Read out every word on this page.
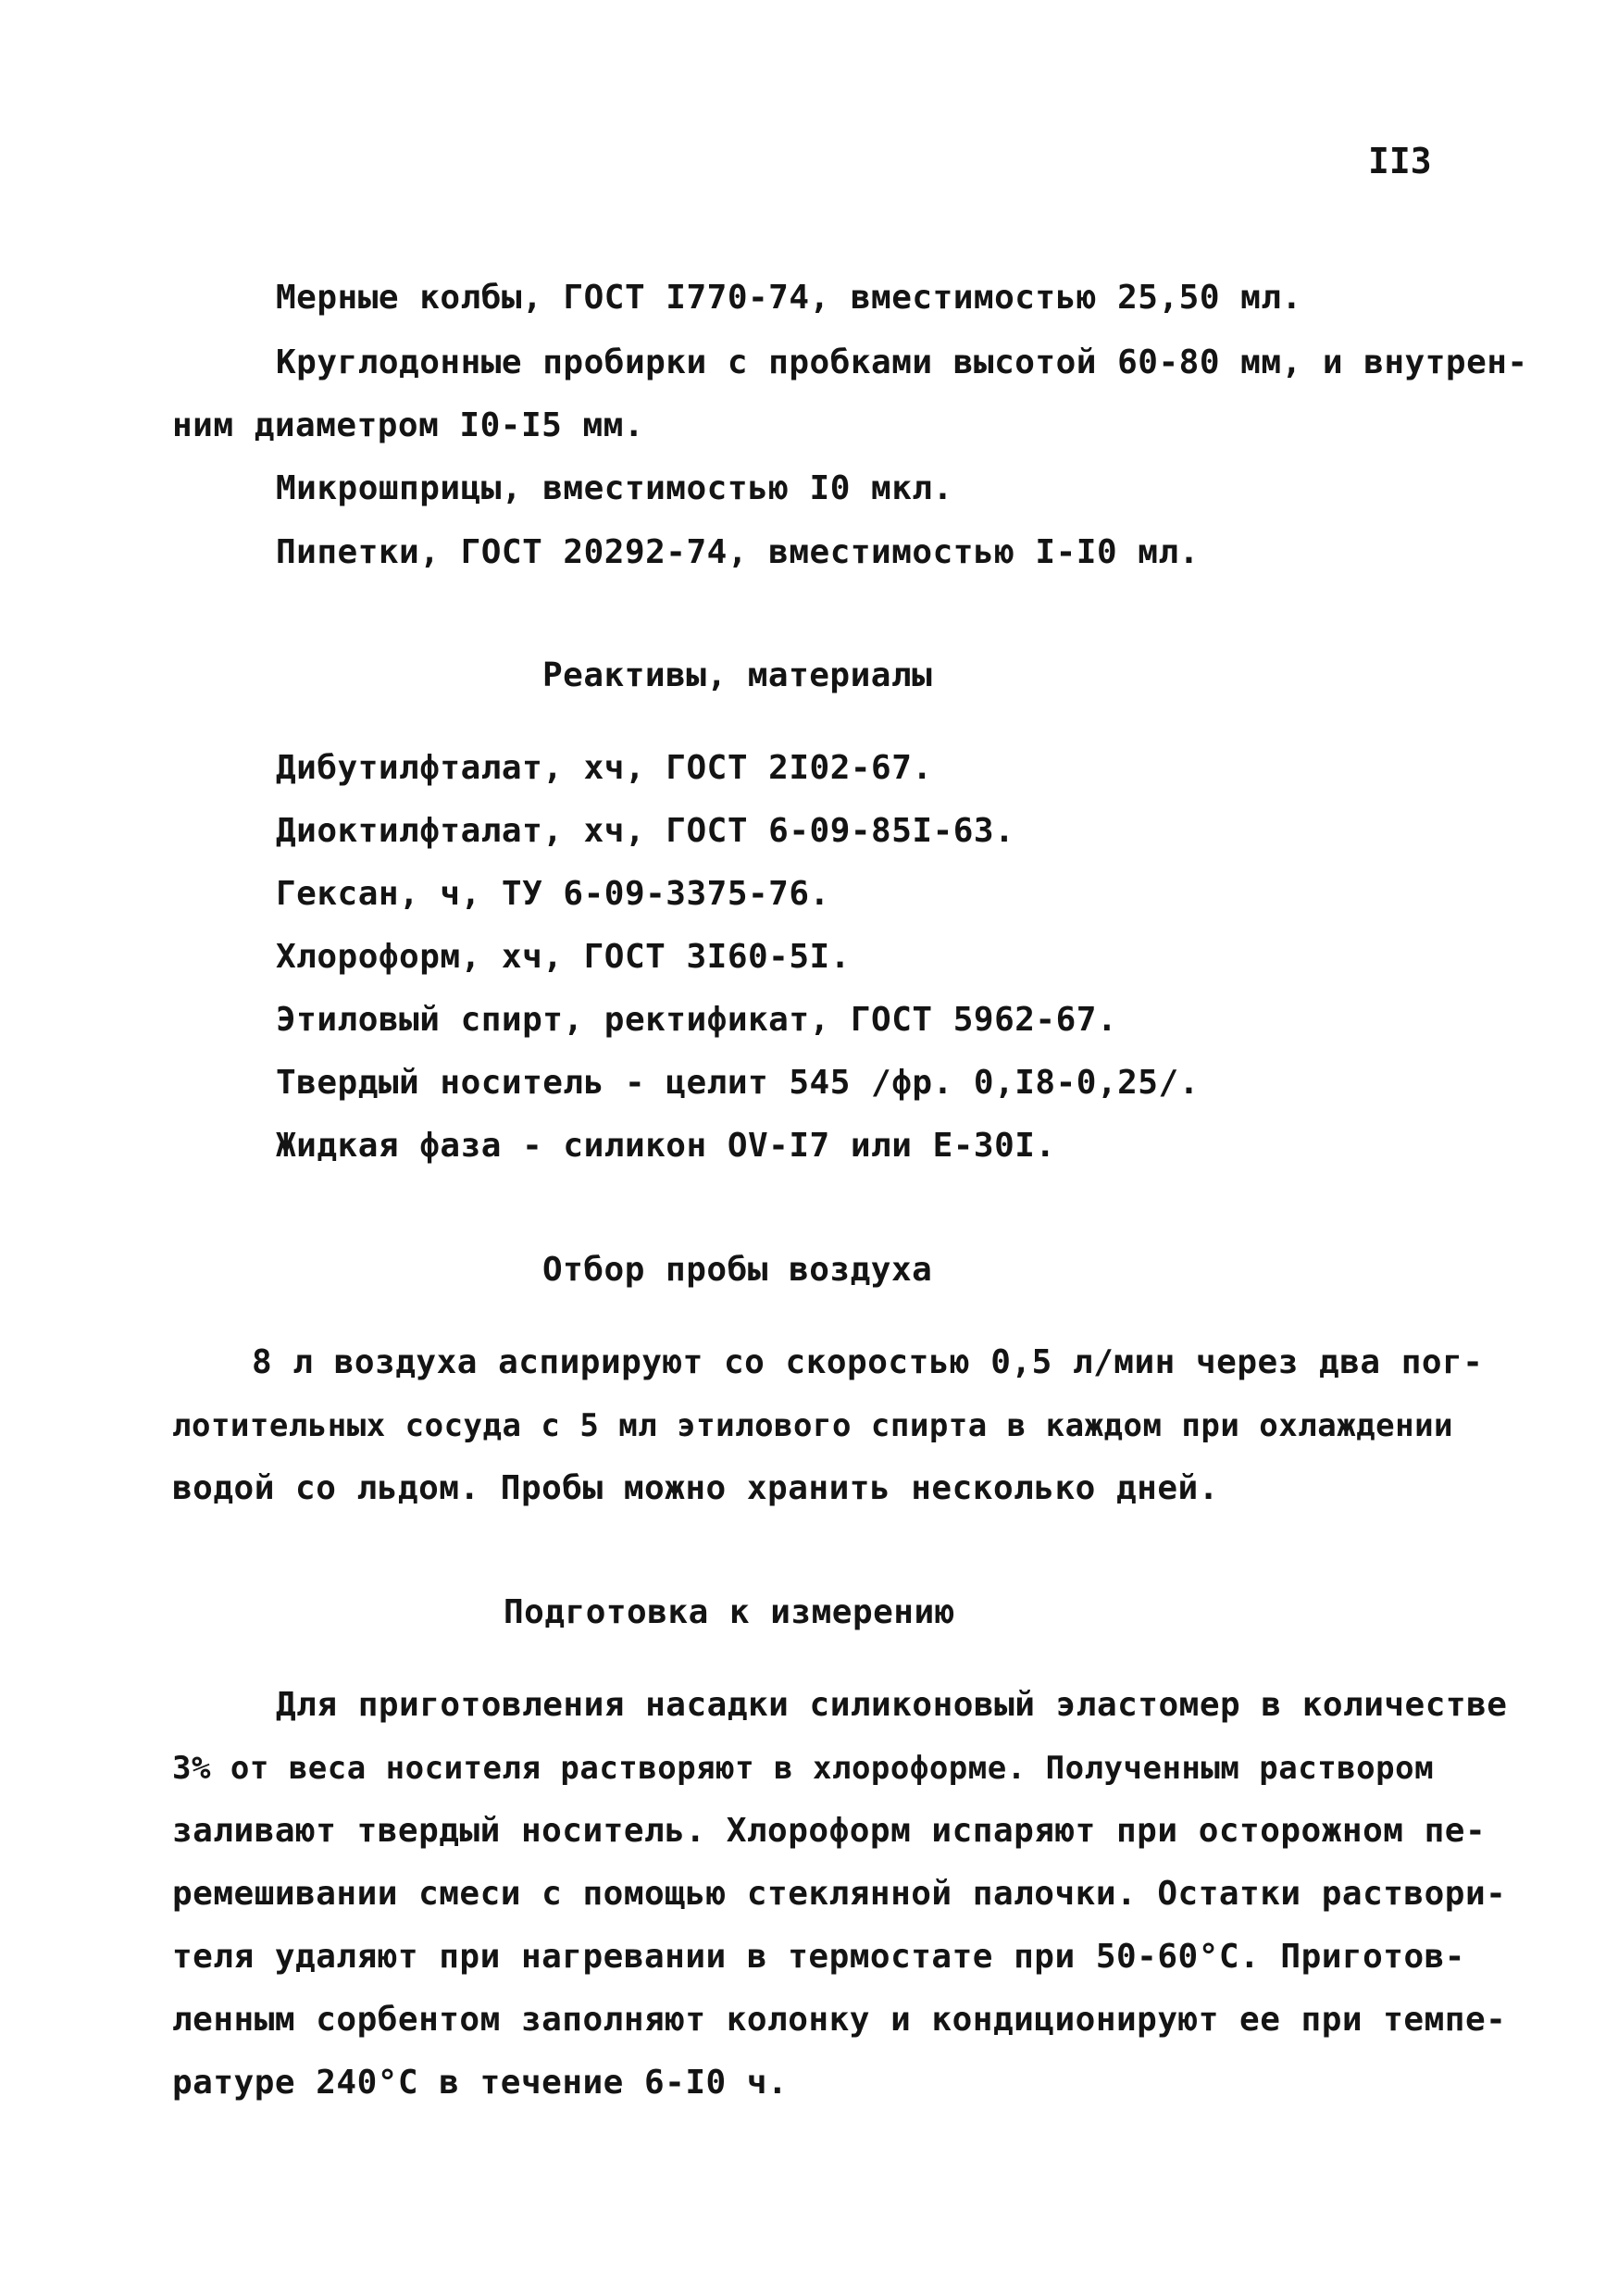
II3
Мерные колбы, ГОСТ I770-74, вместимостью 25,50 мл.
Круглодонные пробирки с пробками высотой 60-80 мм, и внутрен-
ним диаметром I0-I5 мм.
Микрошприцы, вместимостью I0 мкл.
Пипетки, ГОСТ 20292-74, вместимостью I-I0 мл.
Реактивы, материалы
Дибутилфталат, хч, ГОСТ 2I02-67.
Диоктилфталат, хч, ГОСТ 6-09-85I-63.
Гексан, ч, ТУ 6-09-3375-76.
Хлороформ, хч, ГОСТ 3I60-5I.
Этиловый спирт, ректификат, ГОСТ 5962-67.
Твердый носитель - целит 545 /фр. 0,I8-0,25/.
Жидкая фаза - силикон OV-I7 или E-30I.
Отбор пробы воздуха
8 л воздуха аспирируют со скоростью 0,5 л/мин через два пог-
лотительных сосуда с 5 мл этилового спирта в каждом при охлаждении
водой со льдом. Пробы можно хранить несколько дней.
Подготовка к измерению
Для приготовления насадки силиконовый эластомер в количестве
3% от веса носителя растворяют в хлороформе. Полученным раствором
заливают твердый носитель. Хлороформ испаряют при осторожном пе-
ремешивании смеси с помощью стеклянной палочки. Остатки раствори-
теля удаляют при нагревании в термостате при 50-60°С. Приготов-
ленным сорбентом заполняют колонку и кондиционируют ее при темпе-
ратуре 240°С в течение 6-I0 ч.
